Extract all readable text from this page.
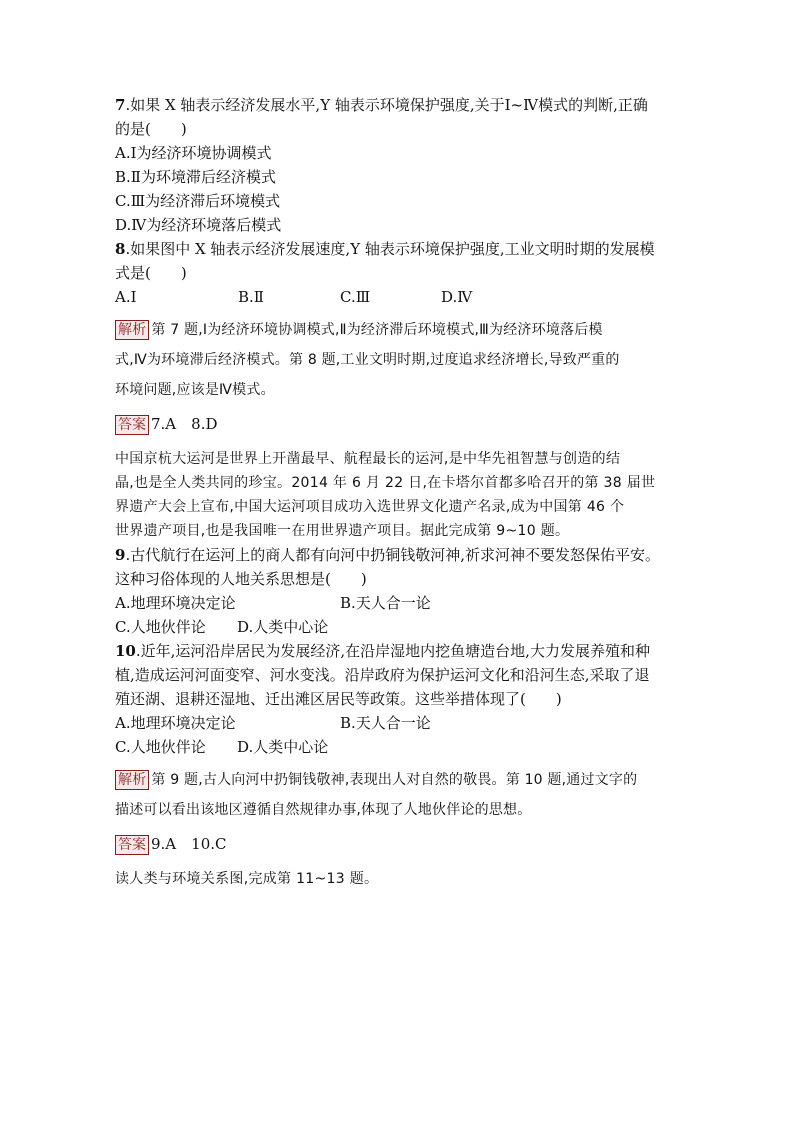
7.如果 X 轴表示经济发展水平,Y 轴表示环境保护强度,关于Ⅰ~Ⅳ模式的判断,正确
的是(　　)
A.Ⅰ为经济环境协调模式
B.Ⅱ为环境滞后经济模式
C.Ⅲ为经济滞后环境模式
D.Ⅳ为经济环境落后模式
8.如果图中 X 轴表示经济发展速度,Y 轴表示环境保护强度,工业文明时期的发展模
式是(　　)
A.Ⅰ	B.Ⅱ	C.Ⅲ	D.Ⅳ
解析 第 7 题,Ⅰ为经济环境协调模式,Ⅱ为经济滞后环境模式,Ⅲ为经济环境落后模
式,Ⅳ为环境滞后经济模式。第 8 题,工业文明时期,过度追求经济增长,导致严重的
环境问题,应该是Ⅳ模式。
答案 7.A　8.D
中国京杭大运河是世界上开凿最早、航程最长的运河,是中华先祖智慧与创造的结
晶,也是全人类共同的珍宝。2014 年 6 月 22 日,在卡塔尔首都多哈召开的第 38 届世
界遗产大会上宣布,中国大运河项目成功入选世界文化遗产名录,成为中国第 46 个
世界遗产项目,也是我国唯一在用世界遗产项目。据此完成第 9~10 题。
9.古代航行在运河上的商人都有向河中扔铜钱敬河神,祈求河神不要发怒保佑平安。
这种习俗体现的人地关系思想是(　　)
A.地理环境决定论	B.天人合一论
C.人地伙伴论	D.人类中心论
10.近年,运河沿岸居民为发展经济,在沿岸湿地内挖鱼塘造台地,大力发展养殖和种
植,造成运河河面变窄、河水变浅。沿岸政府为保护运河文化和沿河生态,采取了退
殖还湖、退耕还湿地、迁出滩区居民等政策。这些举措体现了(　　)
A.地理环境决定论	B.天人合一论
C.人地伙伴论	D.人类中心论
解析 第 9 题,古人向河中扔铜钱敬神,表现出人对自然的敬畏。第 10 题,通过文字的
描述可以看出该地区遵循自然规律办事,体现了人地伙伴论的思想。
答案 9.A　10.C
读人类与环境关系图,完成第 11~13 题。
